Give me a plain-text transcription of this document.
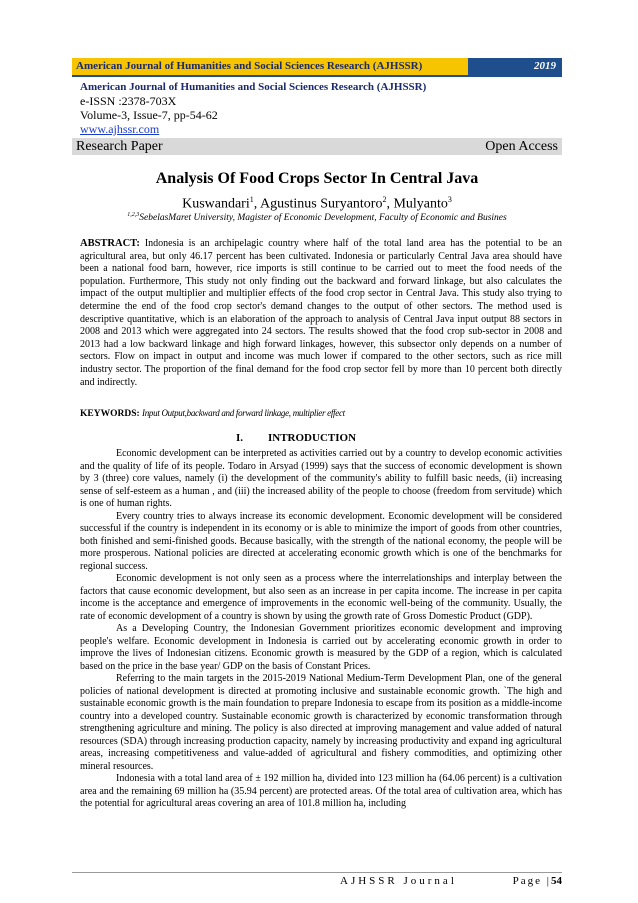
American Journal of Humanities and Social Sciences Research (AJHSSR)	2019
American Journal of Humanities and Social Sciences Research (AJHSSR)
e-ISSN :2378-703X
Volume-3, Issue-7, pp-54-62
www.ajhssr.com
Research Paper	Open Access
Analysis Of Food Crops Sector In Central Java
Kuswandari$^1$, Agustinus Suryantoro$^2$, Mulyanto$^3$
$^{1,2,3}$SebelasMaret University, Magister of Economic Development, Faculty of Economic and Busines
ABSTRACT: Indonesia is an archipelagic country where half of the total land area has the potential to be an agricultural area, but only 46.17 percent has been cultivated. Indonesia or particularly Central Java area should have been a national food barn, however, rice imports is still continue to be carried out to meet the food needs of the population. Furthermore, This study not only finding out the backward and forward linkage, but also calculates the impact of the output multiplier and multiplier effects of the food crop sector in Central Java. This study also trying to determine the end of the food crop sector's demand changes to the output of other sectors. The method used is descriptive quantitative, which is an elaboration of the approach to analysis of Central Java input output 88 sectors in 2008 and 2013 which were aggregated into 24 sectors. The results showed that the food crop sub-sector in 2008 and 2013 had a low backward linkage and high forward linkages, however, this subsector only depends on a number of sectors. Flow on impact in output and income was much lower if compared to the other sectors, such as rice mill industry sector. The proportion of the final demand for the food crop sector fell by more than 10 percent both directly and indirectly.
KEYWORDS: Input Output,backward and forward linkage, multiplier effect
I. INTRODUCTION

Economic development can be interpreted as activities carried out by a country to develop economic activities and the quality of life of its people. Todaro in Arsyad (1999) says that the success of economic development is shown by 3 (three) core values, namely (i) the development of the community's ability to fulfill basic needs, (ii) increasing sense of self-esteem as a human , and (iii) the increased ability of the people to choose (freedom from servitude) which is one of human rights.

Every country tries to always increase its economic development. Economic development will be considered successful if the country is independent in its economy or is able to minimize the import of goods from other countries, both finished and semi-finished goods. Because basically, with the strength of the national economy, the people will be more prosperous. National policies are directed at accelerating economic growth which is one of the benchmarks for regional success.

Economic development is not only seen as a process where the interrelationships and interplay between the factors that cause economic development, but also seen as an increase in per capita income. The increase in per capita income is the acceptance and emergence of improvements in the economic well-being of the community. Usually, the rate of economic development of a country is shown by using the growth rate of Gross Domestic Product (GDP).

As a Developing Country, the Indonesian Government prioritizes economic development and improving people's welfare. Economic development in Indonesia is carried out by accelerating economic growth in order to improve the lives of Indonesian citizens. Economic growth is measured by the GDP of a region, which is calculated based on the price in the base year/ GDP on the basis of Constant Prices.

Referring to the main targets in the 2015-2019 National Medium-Term Development Plan, one of the general policies of national development is directed at promoting inclusive and sustainable economic growth. `The high and sustainable economic growth is the main foundation to prepare Indonesia to escape from its position as a middle-income country into a developed country. Sustainable economic growth is characterized by economic transformation through strengthening agriculture and mining. The policy is also directed at improving management and value added of natural resources (SDA) through increasing production capacity, namely by increasing productivity and expand ing agricultural areas, increasing competitiveness and value-added of agricultural and fishery commodities, and optimizing other mineral resources.

Indonesia with a total land area of ± 192 million ha, divided into 123 million ha (64.06 percent) is a cultivation area and the remaining 69 million ha (35.94 percent) are protected areas. Of the total area of cultivation area, which has the potential for agricultural areas covering an area of 101.8 million ha, including

AJHSSR Journal	Page |54
